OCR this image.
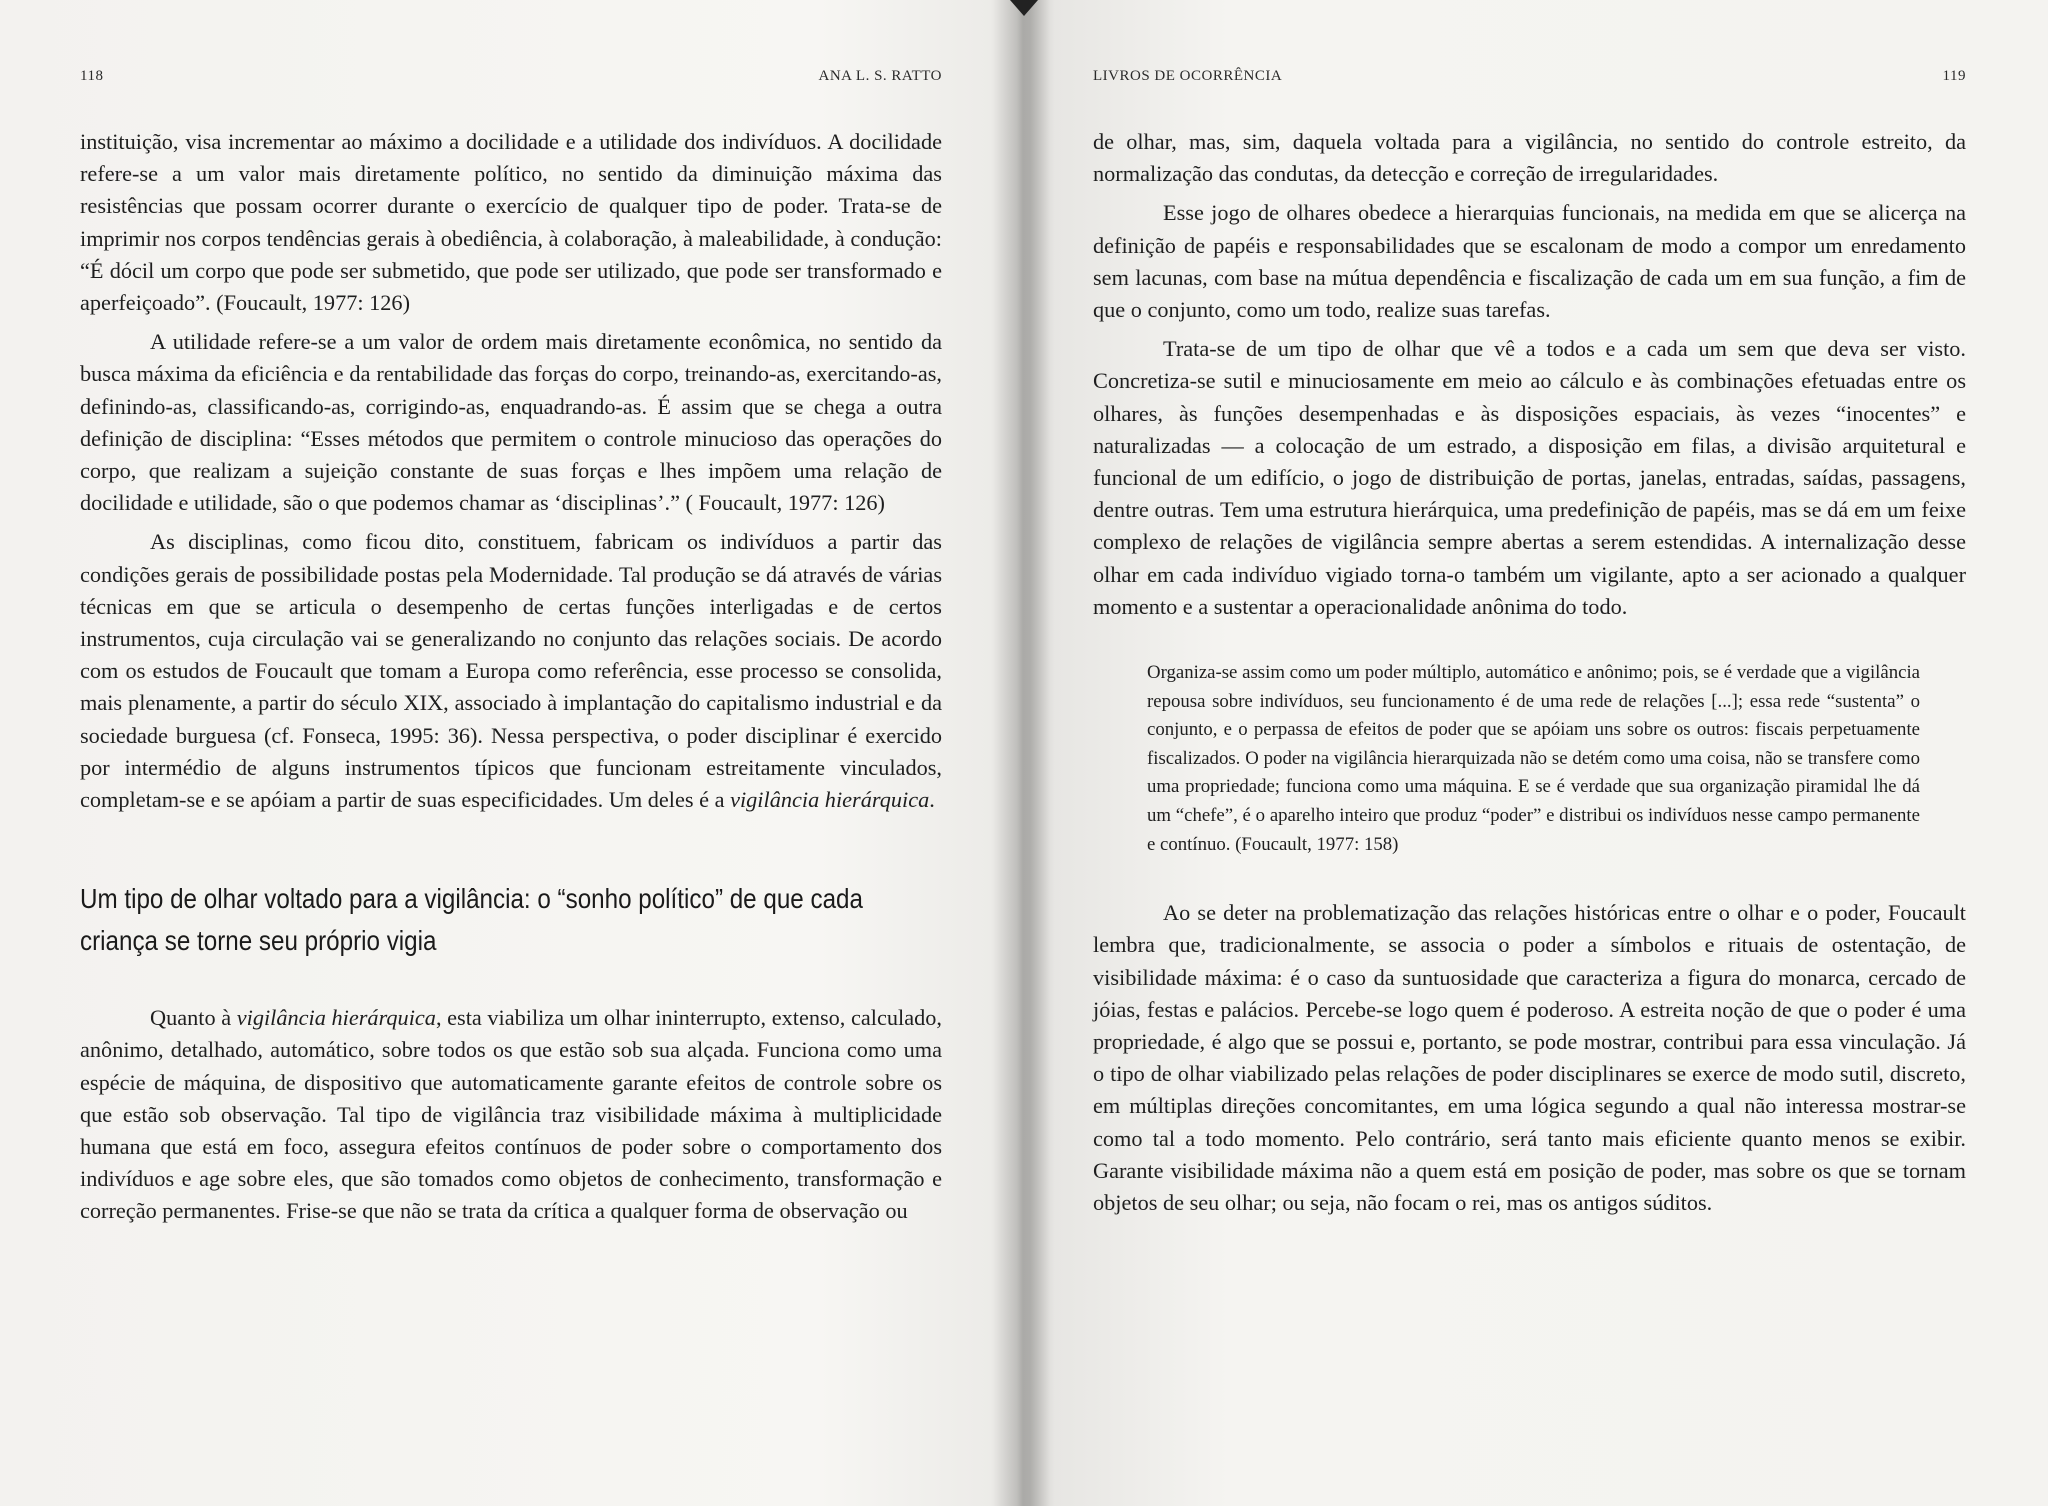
118	ANA L. S. RATTO

instituição, visa incrementar ao máximo a docilidade e a utilidade dos indivíduos. A docilidade refere-se a um valor mais diretamente político, no sentido da diminuição máxima das resistências que possam ocorrer durante o exercício de qualquer tipo de poder. Trata-se de imprimir nos corpos tendências gerais à obediência, à colaboração, à maleabilidade, à condução: “É dócil um corpo que pode ser submetido, que pode ser utilizado, que pode ser transformado e aperfeiçoado”. (Foucault, 1977: 126)

A utilidade refere-se a um valor de ordem mais diretamente econômica, no sentido da busca máxima da eficiência e da rentabilidade das forças do corpo, treinando-as, exercitando-as, definindo-as, classificando-as, corrigindo-as, enquadrando-as. É assim que se chega a outra definição de disciplina: “Esses métodos que permitem o controle minucioso das operações do corpo, que realizam a sujeição constante de suas forças e lhes impõem uma relação de docilidade e utilidade, são o que podemos chamar as ‘disciplinas’.” ( Foucault, 1977: 126)

As disciplinas, como ficou dito, constituem, fabricam os indivíduos a partir das condições gerais de possibilidade postas pela Modernidade. Tal produção se dá através de várias técnicas em que se articula o desempenho de certas funções interligadas e de certos instrumentos, cuja circulação vai se generalizando no conjunto das relações sociais. De acordo com os estudos de Foucault que tomam a Europa como referência, esse processo se consolida, mais plenamente, a partir do século XIX, associado à implantação do capitalismo industrial e da sociedade burguesa (cf. Fonseca, 1995: 36). Nessa perspectiva, o poder disciplinar é exercido por intermédio de alguns instrumentos típicos que funcionam estreitamente vinculados, completam-se e se apóiam a partir de suas especificidades. Um deles é a vigilância hierárquica.

Um tipo de olhar voltado para a vigilância: o “sonho político” de que cada criança se torne seu próprio vigia

Quanto à vigilância hierárquica, esta viabiliza um olhar ininterrupto, extenso, calculado, anônimo, detalhado, automático, sobre todos os que estão sob sua alçada. Funciona como uma espécie de máquina, de dispositivo que automaticamente garante efeitos de controle sobre os que estão sob observação. Tal tipo de vigilância traz visibilidade máxima à multiplicidade humana que está em foco, assegura efeitos contínuos de poder sobre o comportamento dos indivíduos e age sobre eles, que são tomados como objetos de conhecimento, transformação e correção permanentes. Frise-se que não se trata da crítica a qualquer forma de observação ou

LIVROS DE OCORRÊNCIA	119

de olhar, mas, sim, daquela voltada para a vigilância, no sentido do controle estreito, da normalização das condutas, da detecção e correção de irregularidades.

Esse jogo de olhares obedece a hierarquias funcionais, na medida em que se alicerça na definição de papéis e responsabilidades que se escalonam de modo a compor um enredamento sem lacunas, com base na mútua dependência e fiscalização de cada um em sua função, a fim de que o conjunto, como um todo, realize suas tarefas.

Trata-se de um tipo de olhar que vê a todos e a cada um sem que deva ser visto. Concretiza-se sutil e minuciosamente em meio ao cálculo e às combinações efetuadas entre os olhares, às funções desempenhadas e às disposições espaciais, às vezes “inocentes” e naturalizadas — a colocação de um estrado, a disposição em filas, a divisão arquitetural e funcional de um edifício, o jogo de distribuição de portas, janelas, entradas, saídas, passagens, dentre outras. Tem uma estrutura hierárquica, uma predefinição de papéis, mas se dá em um feixe complexo de relações de vigilância sempre abertas a serem estendidas. A internalização desse olhar em cada indivíduo vigiado torna-o também um vigilante, apto a ser acionado a qualquer momento e a sustentar a operacionalidade anônima do todo.

Organiza-se assim como um poder múltiplo, automático e anônimo; pois, se é verdade que a vigilância repousa sobre indivíduos, seu funcionamento é de uma rede de relações [...]; essa rede “sustenta” o conjunto, e o perpassa de efeitos de poder que se apóiam uns sobre os outros: fiscais perpetuamente fiscalizados. O poder na vigilância hierarquizada não se detém como uma coisa, não se transfere como uma propriedade; funciona como uma máquina. E se é verdade que sua organização piramidal lhe dá um “chefe”, é o aparelho inteiro que produz “poder” e distribui os indivíduos nesse campo permanente e contínuo. (Foucault, 1977: 158)

Ao se deter na problematização das relações históricas entre o olhar e o poder, Foucault lembra que, tradicionalmente, se associa o poder a símbolos e rituais de ostentação, de visibilidade máxima: é o caso da suntuosidade que caracteriza a figura do monarca, cercado de jóias, festas e palácios. Percebe-se logo quem é poderoso. A estreita noção de que o poder é uma propriedade, é algo que se possui e, portanto, se pode mostrar, contribui para essa vinculação. Já o tipo de olhar viabilizado pelas relações de poder disciplinares se exerce de modo sutil, discreto, em múltiplas direções concomitantes, em uma lógica segundo a qual não interessa mostrar-se como tal a todo momento. Pelo contrário, será tanto mais eficiente quanto menos se exibir. Garante visibilidade máxima não a quem está em posição de poder, mas sobre os que se tornam objetos de seu olhar; ou seja, não focam o rei, mas os antigos súditos.
